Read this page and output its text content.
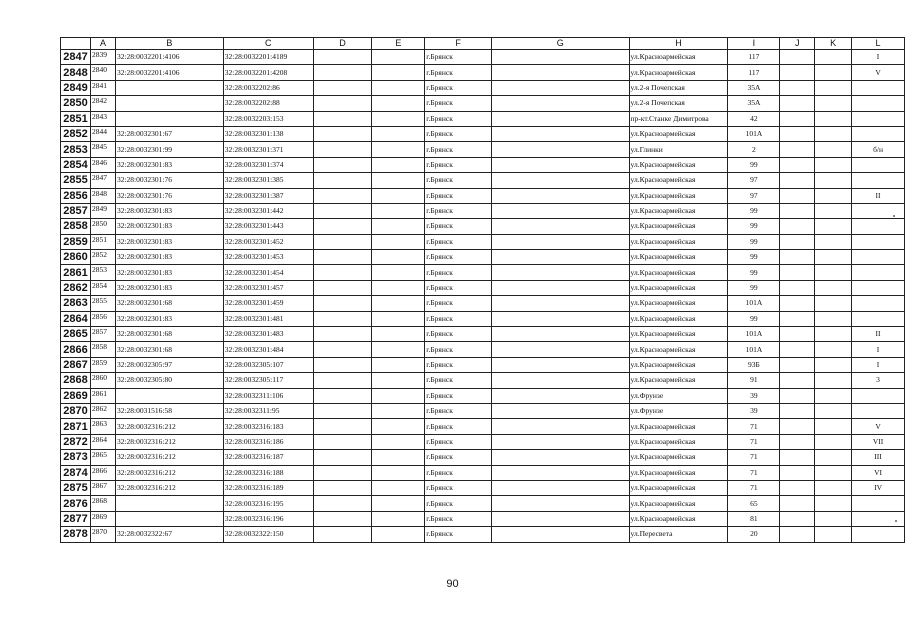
	A	B	C	D	E	F	G	H	I	J	K	L
2847	2839	32:28:0032201:4106	32:28:0032201:4189			г.Брянск		ул.Красноармейская	117			I
2848	2840	32:28:0032201:4106	32:28:0032201:4208			г.Брянск		ул.Красноармейская	117			V
2849	2841		32:28:0032202:86			г.Брянск		ул.2-я Почепская	35А			
2850	2842		32:28:0032202:88			г.Брянск		ул.2-я Почепская	35А			
2851	2843		32:28:0032203:153			г.Брянск		пр-кт.Станке Димитрова	42			
2852	2844	32:28:0032301:67	32:28:0032301:138			г.Брянск		ул.Красноармейская	101А			
2853	2845	32:28:0032301:99	32:28:0032301:371			г.Брянск		ул.Глинки	2			б/н
2854	2846	32:28:0032301:83	32:28:0032301:374			г.Брянск		ул.Красноармейская	99			
2855	2847	32:28:0032301:76	32:28:0032301:385			г.Брянск		ул.Красноармейская	97			
2856	2848	32:28:0032301:76	32:28:0032301:387			г.Брянск		ул.Красноармейская	97			II
2857	2849	32:28:0032301:83	32:28:0032301:442			г.Брянск		ул.Красноармейская	99			
2858	2850	32:28:0032301:83	32:28:0032301:443			г.Брянск		ул.Красноармейская	99			
2859	2851	32:28:0032301:83	32:28:0032301:452			г.Брянск		ул.Красноармейская	99			
2860	2852	32:28:0032301:83	32:28:0032301:453			г.Брянск		ул.Красноармейская	99			
2861	2853	32:28:0032301:83	32:28:0032301:454			г.Брянск		ул.Красноармейская	99			
2862	2854	32:28:0032301:83	32:28:0032301:457			г.Брянск		ул.Красноармейская	99			
2863	2855	32:28:0032301:68	32:28:0032301:459			г.Брянск		ул.Красноармейская	101А			
2864	2856	32:28:0032301:83	32:28:0032301:481			г.Брянск		ул.Красноармейская	99			
2865	2857	32:28:0032301:68	32:28:0032301:483			г.Брянск		ул.Красноармейская	101А			II
2866	2858	32:28:0032301:68	32:28:0032301:484			г.Брянск		ул.Красноармейская	101А			I
2867	2859	32:28:0032305:97	32:28:0032305:107			г.Брянск		ул.Красноармейская	93Б			I
2868	2860	32:28:0032305:80	32:28:0032305:117			г.Брянск		ул.Красноармейская	91			3
2869	2861		32:28:0032311:106			г.Брянск		ул.Фрунзе	39			
2870	2862	32:28:0031516:58	32:28:0032311:95			г.Брянск		ул.Фрунзе	39			
2871	2863	32:28:0032316:212	32:28:0032316:183			г.Брянск		ул.Красноармейская	71			V
2872	2864	32:28:0032316:212	32:28:0032316:186			г.Брянск		ул.Красноармейская	71			VII
2873	2865	32:28:0032316:212	32:28:0032316:187			г.Брянск		ул.Красноармейская	71			III
2874	2866	32:28:0032316:212	32:28:0032316:188			г.Брянск		ул.Красноармейская	71			VI
2875	2867	32:28:0032316:212	32:28:0032316:189			г.Брянск		ул.Красноармейская	71			IV
2876	2868		32:28:0032316:195			г.Брянск		ул.Красноармейская	65			
2877	2869		32:28:0032316:196			г.Брянск		ул.Красноармейская	81			
2878	2870	32:28:0032322:67	32:28:0032322:150			г.Брянск		ул.Пересвета	20			
90
